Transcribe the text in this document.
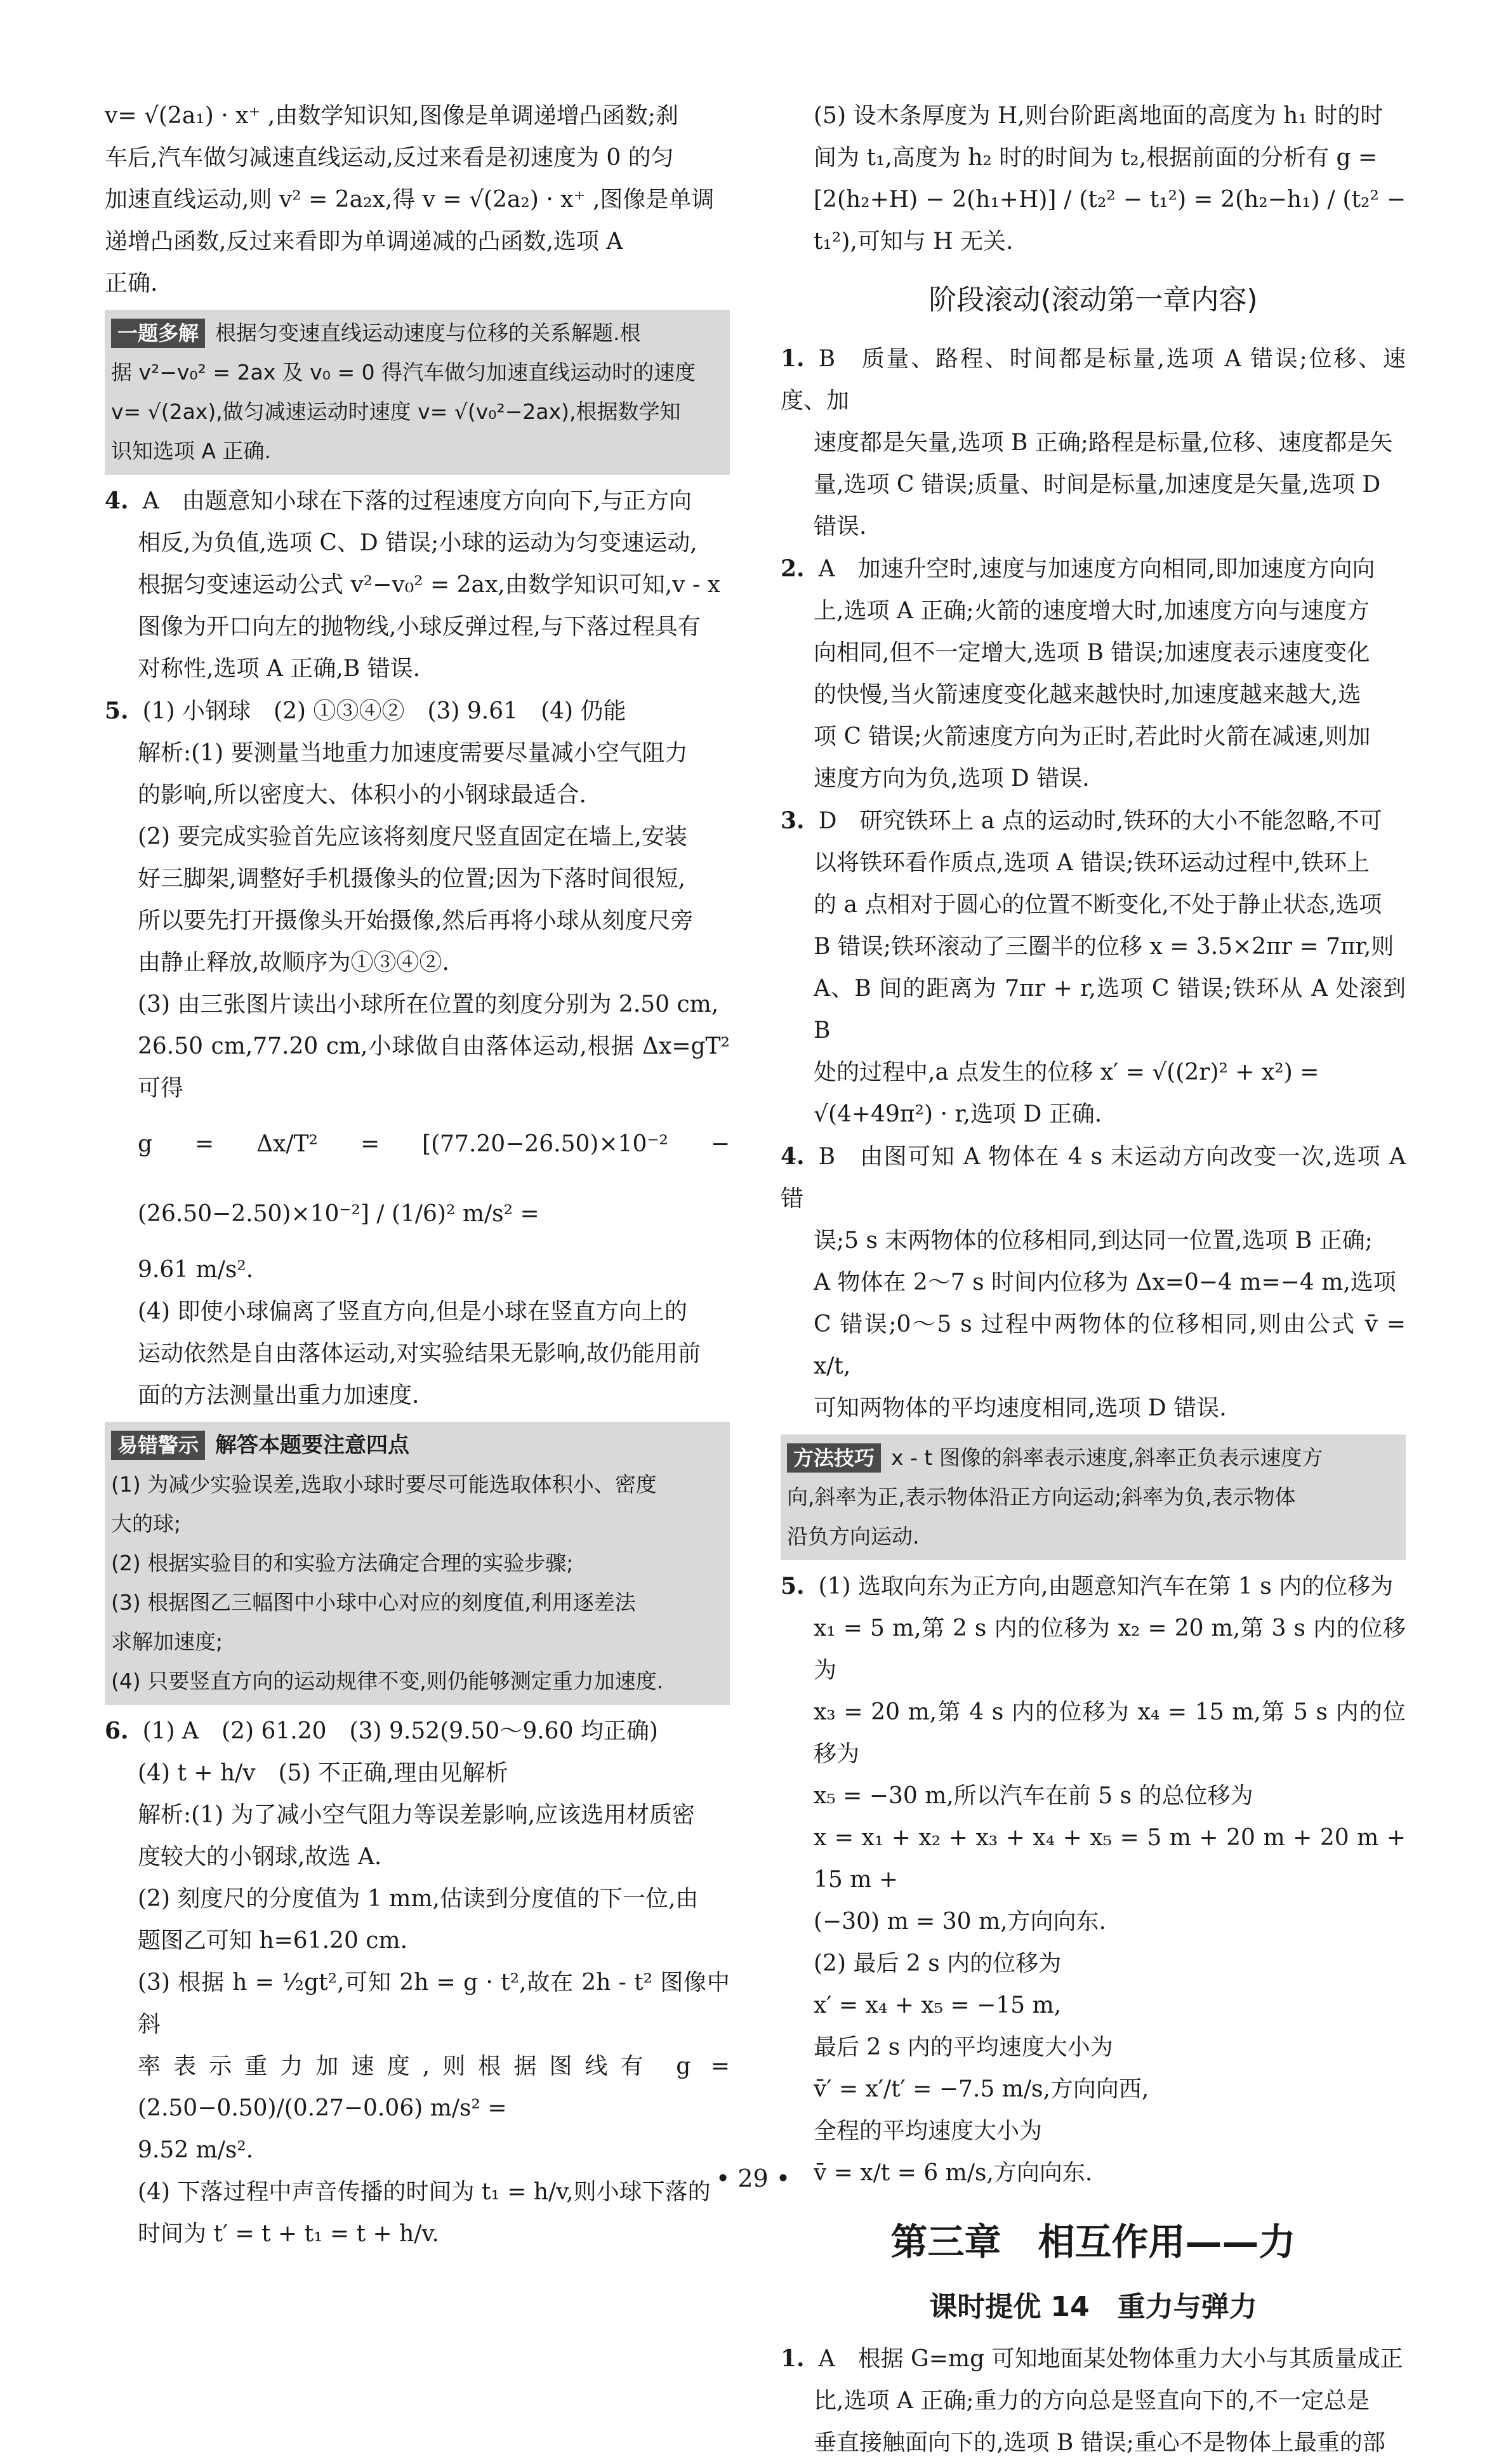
v= √(2a₁) · x⁺ ,由数学知识知,图像是单调递增凸函数;刹

车后,汽车做匀减速直线运动,反过来看是初速度为 0 的匀

加速直线运动,则 v² = 2a₂x,得 v = √(2a₂) · x⁺ ,图像是单调

递增凸函数,反过来看即为单调递减的凸函数,选项 A

正确.

一题多解 根据匀变速直线运动速度与位移的关系解题.根

据 v²−v₀² = 2ax 及 v₀ = 0 得汽车做匀加速直线运动时的速度

v= √(2ax),做匀减速运动时速度 v= √(v₀²−2ax),根据数学知

识知选项 A 正确.

4. A　由题意知小球在下落的过程速度方向向下,与正方向

相反,为负值,选项 C、D 错误;小球的运动为匀变速运动,

根据匀变速运动公式 v²−v₀² = 2ax,由数学知识可知,v - x

图像为开口向左的抛物线,小球反弹过程,与下落过程具有

对称性,选项 A 正确,B 错误.

5. (1) 小钢球　(2) ①③④②　(3) 9.61　(4) 仍能

解析:(1) 要测量当地重力加速度需要尽量减小空气阻力

的影响,所以密度大、体积小的小钢球最适合.

(2) 要完成实验首先应该将刻度尺竖直固定在墙上,安装

好三脚架,调整好手机摄像头的位置;因为下落时间很短,

所以要先打开摄像头开始摄像,然后再将小球从刻度尺旁

由静止释放,故顺序为①③④②.

(3) 由三张图片读出小球所在位置的刻度分别为 2.50 cm,

26.50 cm,77.20 cm,小球做自由落体运动,根据 Δx=gT² 可得

g = Δx/T² = [(77.20−26.50)×10⁻² − (26.50−2.50)×10⁻²] / (1/6)² m/s² =

9.61 m/s².

(4) 即使小球偏离了竖直方向,但是小球在竖直方向上的

运动依然是自由落体运动,对实验结果无影响,故仍能用前

面的方法测量出重力加速度.

易错警示 解答本题要注意四点

(1) 为减少实验误差,选取小球时要尽可能选取体积小、密度

大的球;

(2) 根据实验目的和实验方法确定合理的实验步骤;

(3) 根据图乙三幅图中小球中心对应的刻度值,利用逐差法

求解加速度;

(4) 只要竖直方向的运动规律不变,则仍能够测定重力加速度.

6. (1) A　(2) 61.20　(3) 9.52(9.50～9.60 均正确)

(4) t + h/v　(5) 不正确,理由见解析

解析:(1) 为了减小空气阻力等误差影响,应该选用材质密

度较大的小钢球,故选 A.

(2) 刻度尺的分度值为 1 mm,估读到分度值的下一位,由

题图乙可知 h=61.20 cm.

(3) 根据 h = ½gt²,可知 2h = g · t²,故在 2h - t² 图像中斜

率表示重力加速度,则根据图线有 g = (2.50−0.50)/(0.27−0.06) m/s² =

9.52 m/s².

(4) 下落过程中声音传播的时间为 t₁ = h/v,则小球下落的

时间为 t′ = t + t₁ = t + h/v.

(5) 设木条厚度为 H,则台阶距离地面的高度为 h₁ 时的时

间为 t₁,高度为 h₂ 时的时间为 t₂,根据前面的分析有 g =

[2(h₂+H) − 2(h₁+H)] / (t₂² − t₁²) = 2(h₂−h₁) / (t₂² − t₁²),可知与 H 无关.

阶段滚动(滚动第一章内容)

1. B　质量、路程、时间都是标量,选项 A 错误;位移、速度、加

速度都是矢量,选项 B 正确;路程是标量,位移、速度都是矢

量,选项 C 错误;质量、时间是标量,加速度是矢量,选项 D

错误.

2. A　加速升空时,速度与加速度方向相同,即加速度方向向

上,选项 A 正确;火箭的速度增大时,加速度方向与速度方

向相同,但不一定增大,选项 B 错误;加速度表示速度变化

的快慢,当火箭速度变化越来越快时,加速度越来越大,选

项 C 错误;火箭速度方向为正时,若此时火箭在减速,则加

速度方向为负,选项 D 错误.

3. D　研究铁环上 a 点的运动时,铁环的大小不能忽略,不可

以将铁环看作质点,选项 A 错误;铁环运动过程中,铁环上

的 a 点相对于圆心的位置不断变化,不处于静止状态,选项

B 错误;铁环滚动了三圈半的位移 x = 3.5×2πr = 7πr,则

A、B 间的距离为 7πr + r,选项 C 错误;铁环从 A 处滚到 B

处的过程中,a 点发生的位移 x′ = √((2r)² + x²) =

√(4+49π²) · r,选项 D 正确.

4. B　由图可知 A 物体在 4 s 末运动方向改变一次,选项 A 错

误;5 s 末两物体的位移相同,到达同一位置,选项 B 正确;

A 物体在 2～7 s 时间内位移为 Δx=0−4 m=−4 m,选项

C 错误;0～5 s 过程中两物体的位移相同,则由公式 v̄ = x/t,

可知两物体的平均速度相同,选项 D 错误.

方法技巧 x - t 图像的斜率表示速度,斜率正负表示速度方

向,斜率为正,表示物体沿正方向运动;斜率为负,表示物体

沿负方向运动.

5. (1) 选取向东为正方向,由题意知汽车在第 1 s 内的位移为

x₁ = 5 m,第 2 s 内的位移为 x₂ = 20 m,第 3 s 内的位移为

x₃ = 20 m,第 4 s 内的位移为 x₄ = 15 m,第 5 s 内的位移为

x₅ = −30 m,所以汽车在前 5 s 的总位移为

x = x₁ + x₂ + x₃ + x₄ + x₅ = 5 m + 20 m + 20 m + 15 m +

(−30) m = 30 m,方向向东.

(2) 最后 2 s 内的位移为

x′ = x₄ + x₅ = −15 m,

最后 2 s 内的平均速度大小为

v̄′ = x′/t′ = −7.5 m/s,方向向西,

全程的平均速度大小为

v̄ = x/t = 6 m/s,方向向东.

第三章　相互作用——力
课时提优 14　重力与弹力

1. A　根据 G=mg 可知地面某处物体重力大小与其质量成正

比,选项 A 正确;重力的方向总是竖直向下的,不一定总是

垂直接触面向下的,选项 B 错误;重心不是物体上最重的部

• 29 •
